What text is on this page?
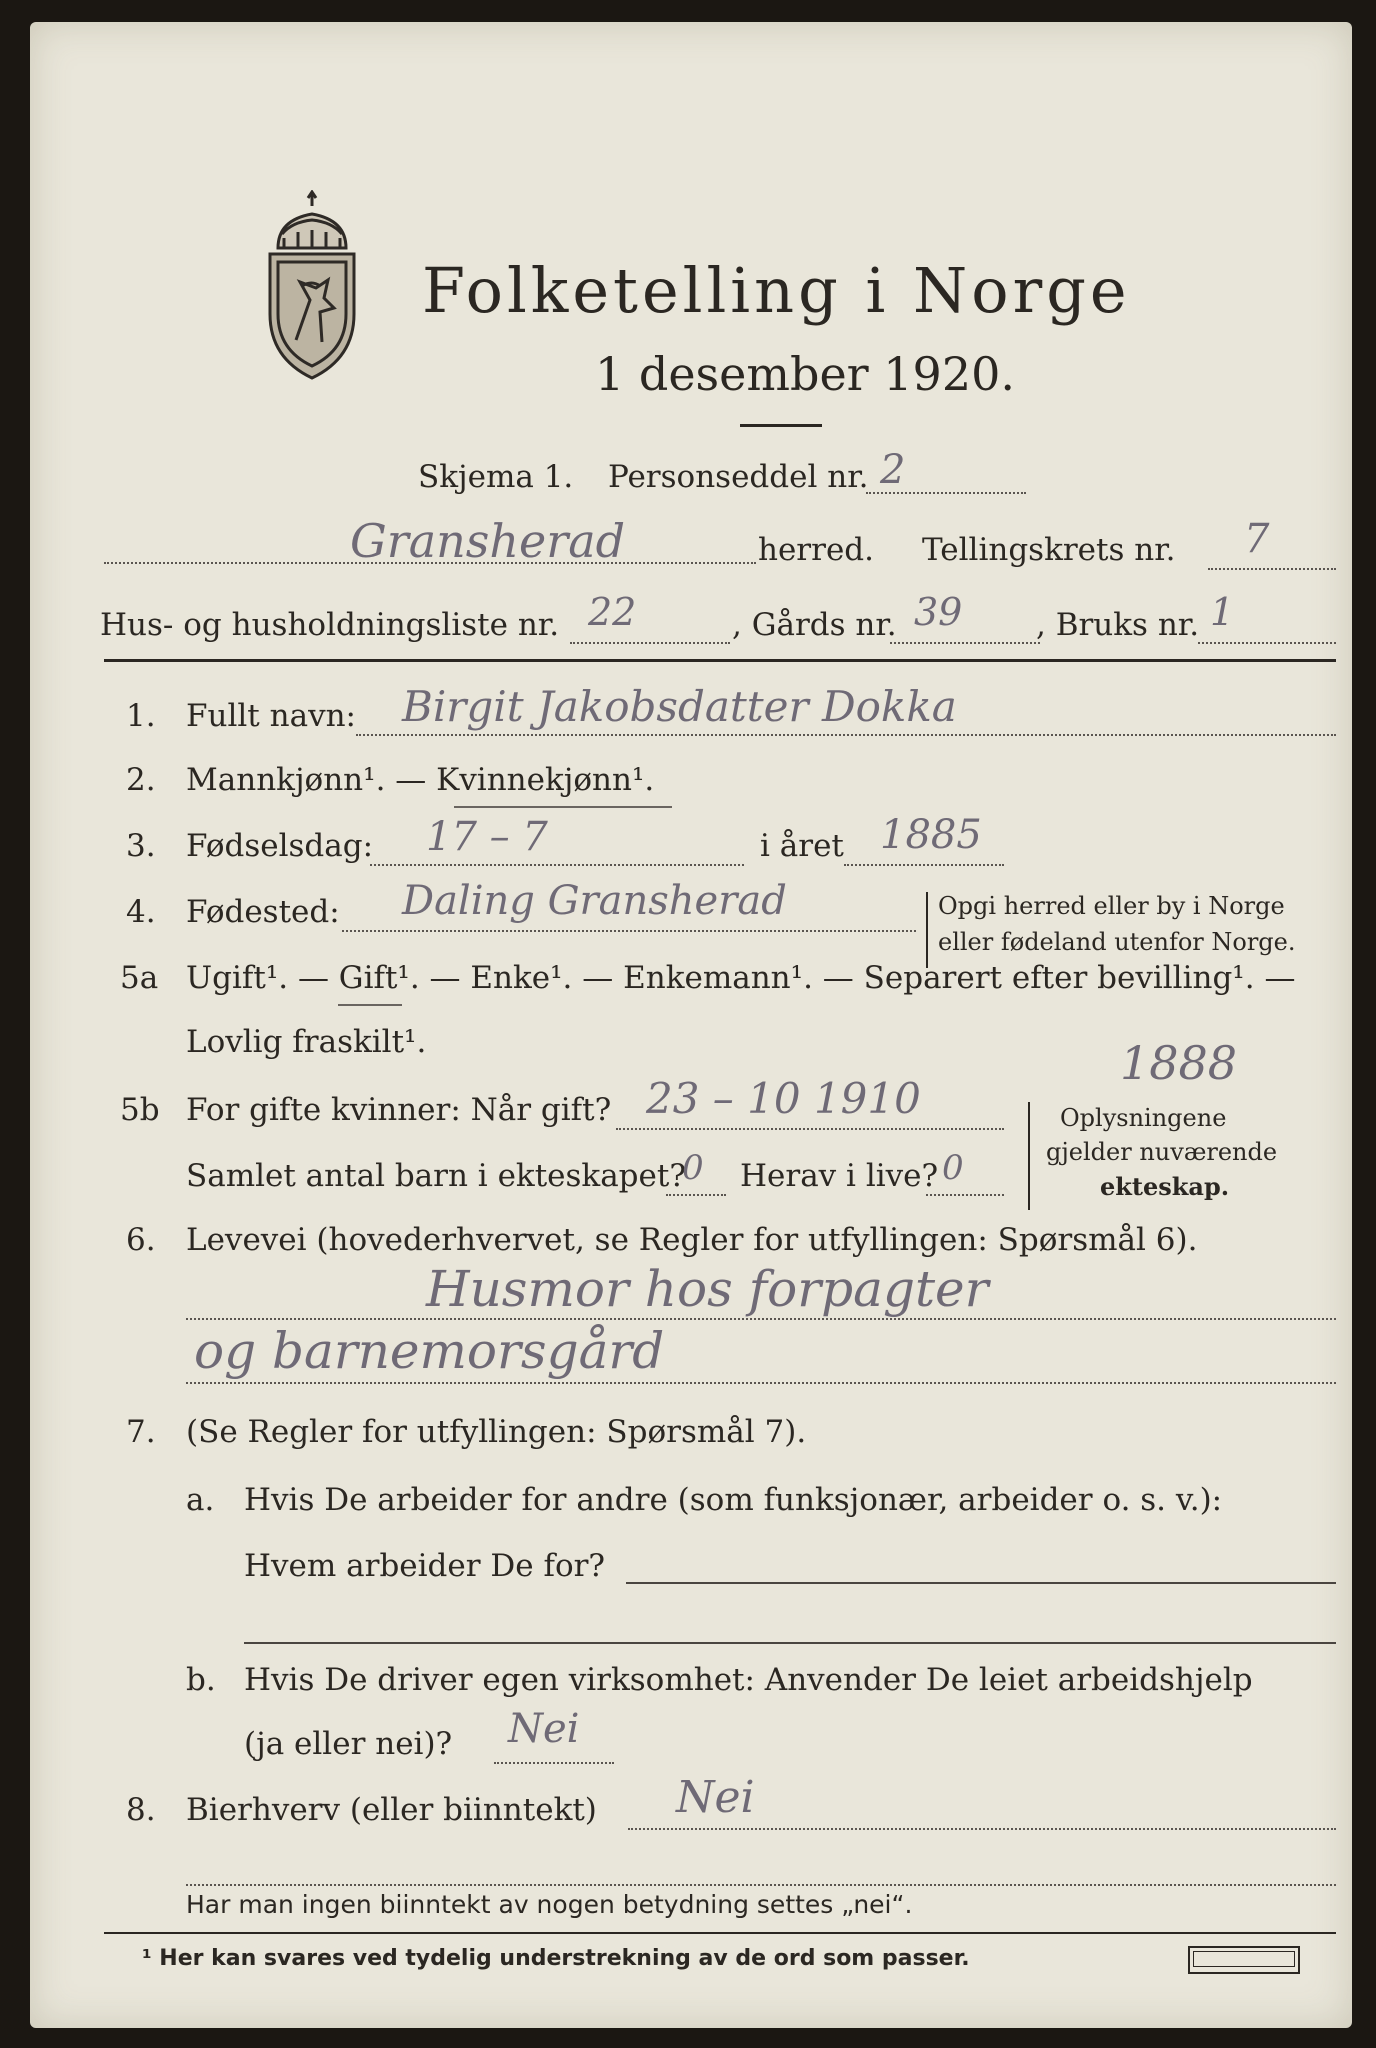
Folketelling i Norge
1 desember 1920.
Skjema 1. Personseddel nr. 2
Gransherad	herred. Tellingskrets nr. 7
Hus- og husholdningsliste nr. 22	, Gårds nr. 39 , Bruks nr. 1
1. Fullt navn: Birgit Jakobsdatter Dokka
2. Mannkjønn¹. — Kvinnekjønn¹.
3. Fødselsdag: 17 – 7	i året 1885
4. Fødested: Daling Gransherad	Opgi herred eller by i Norge
eller fødeland utenfor Norge.
5a Ugift¹. — Gift¹. — Enke¹. — Enkemann¹. — Separert efter bevilling¹. —
Lovlig fraskilt¹.
5b For gifte kvinner: Når gift? 23 – 10 1910
1888
Samlet antal barn i ekteskapet?
0 Herav i live? 0
Oplysningene
gjelder nuværende
ekteskap.
6. Levevei (hovederhvervet, se Regler for utfyllingen: Spørsmål 6).
Husmor hos forpagter
og barnemorsgård
7. (Se Regler for utfyllingen: Spørsmål 7).
a. Hvis De arbeider for andre (som funksjonær, arbeider o. s. v.):
Hvem arbeider De for?
b. Hvis De driver egen virksomhet: Anvender De leiet arbeidshjelp
(ja eller nei)? Nei
8. Bierhverv (eller biinntekt) Nei
Har man ingen biinntekt av nogen betydning settes „nei“.
¹ Her kan svares ved tydelig understrekning av de ord som passer.
